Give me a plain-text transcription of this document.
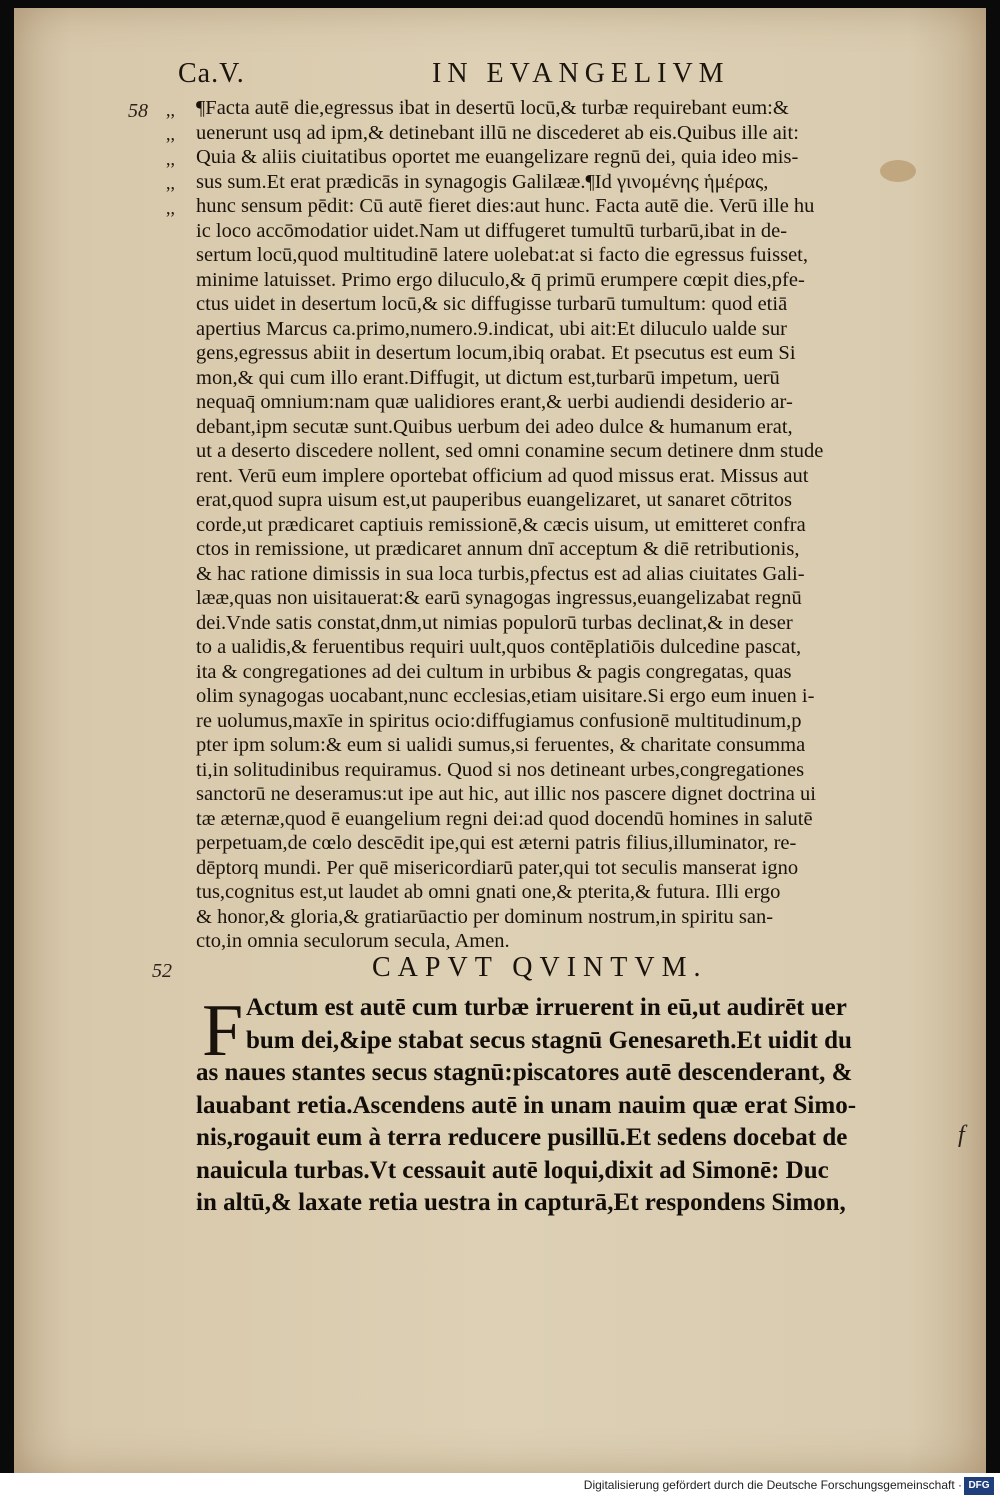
Ca.V.	IN EVANGELIVM
58
52
f
,,
,,
,,
,,
,,
¶Facta autē die,egressus ibat in desertū locū,& turbæ requirebant eum:&
uenerunt usq ad ipm,& detinebant illū ne discederet ab eis.Quibus ille ait:
Quia & aliis ciuitatibus oportet me euangelizare regnū dei, quia ideo mis-
sus sum.Et erat prædicās in synagogis Galilææ.¶Id γινομένης ἡμέρας,
hunc sensum pēdit: Cū autē fieret dies:aut hunc. Facta autē die. Verū ille hu
ic loco accōmodatior uidet.Nam ut diffugeret tumultū turbarū,ibat in de-
sertum locū,quod multitudinē latere uolebat:at si facto die egressus fuisset,
minime latuisset. Primo ergo diluculo,& q̄ primū erumpere cœpit dies,pfe-
ctus uidet in desertum locū,& sic diffugisse turbarū tumultum: quod etiā
apertius Marcus ca.primo,numero.9.indicat, ubi ait:Et diluculo ualde sur
gens,egressus abiit in desertum locum,ibiq orabat. Et psecutus est eum Si
mon,& qui cum illo erant.Diffugit, ut dictum est,turbarū impetum, uerū
nequaq̄ omnium:nam quæ ualidiores erant,& uerbi audiendi desiderio ar-
debant,ipm secutæ sunt.Quibus uerbum dei adeo dulce & humanum erat,
ut a deserto discedere nollent, sed omni conamine secum detinere dnm stude
rent. Verū eum implere oportebat officium ad quod missus erat. Missus aut
erat,quod supra uisum est,ut pauperibus euangelizaret, ut sanaret cōtritos
corde,ut prædicaret captiuis remissionē,& cæcis uisum, ut emitteret confra
ctos in remissione, ut prædicaret annum dnī acceptum & diē retributionis,
& hac ratione dimissis in sua loca turbis,pfectus est ad alias ciuitates Gali-
lææ,quas non uisitauerat:& earū synagogas ingressus,euangelizabat regnū
dei.Vnde satis constat,dnm,ut nimias populorū turbas declinat,& in deser
to a ualidis,& feruentibus requiri uult,quos contēplatiōis dulcedine pascat,
ita & congregationes ad dei cultum in urbibus & pagis congregatas, quas
olim synagogas uocabant,nunc ecclesias,etiam uisitare.Si ergo eum inuen i-
re uolumus,maxīe in spiritus ocio:diffugiamus confusionē multitudinum,p
pter ipm solum:& eum si ualidi sumus,si feruentes, & charitate consumma
ti,in solitudinibus requiramus. Quod si nos detineant urbes,congregationes
sanctorū ne deseramus:ut ipe aut hic, aut illic nos pascere dignet doctrina ui
tæ æternæ,quod ē euangelium regni dei:ad quod docendū homines in salutē
perpetuam,de cœlo descēdit ipe,qui est æterni patris filius,illuminator, re-
dēptorq mundi. Per quē misericordiarū pater,qui tot seculis manserat igno
tus,cognitus est,ut laudet ab omni gnati one,& pterita,& futura. Illi ergo
& honor,& gloria,& gratiarūactio per dominum nostrum,in spiritu san-
cto,in omnia seculorum secula, Amen.
CAPVT QVINTVM.
F Actum est autē cum turbæ irruerent in eū,ut audirēt uer
bum dei,&ipe stabat secus stagnū Genesareth.Et uidit du
as naues stantes secus stagnū:piscatores autē descenderant, &
lauabant retia.Ascendens autē in unam nauim quæ erat Simo-
nis,rogauit eum à terra reducere pusillū.Et sedens docebat de
nauicula turbas.Vt cessauit autē loqui,dixit ad Simonē: Duc
in altū,& laxate retia uestra in capturā,Et respondens Simon,
Digitalisierung gefördert durch die Deutsche Forschungsgemeinschaft · DFG
